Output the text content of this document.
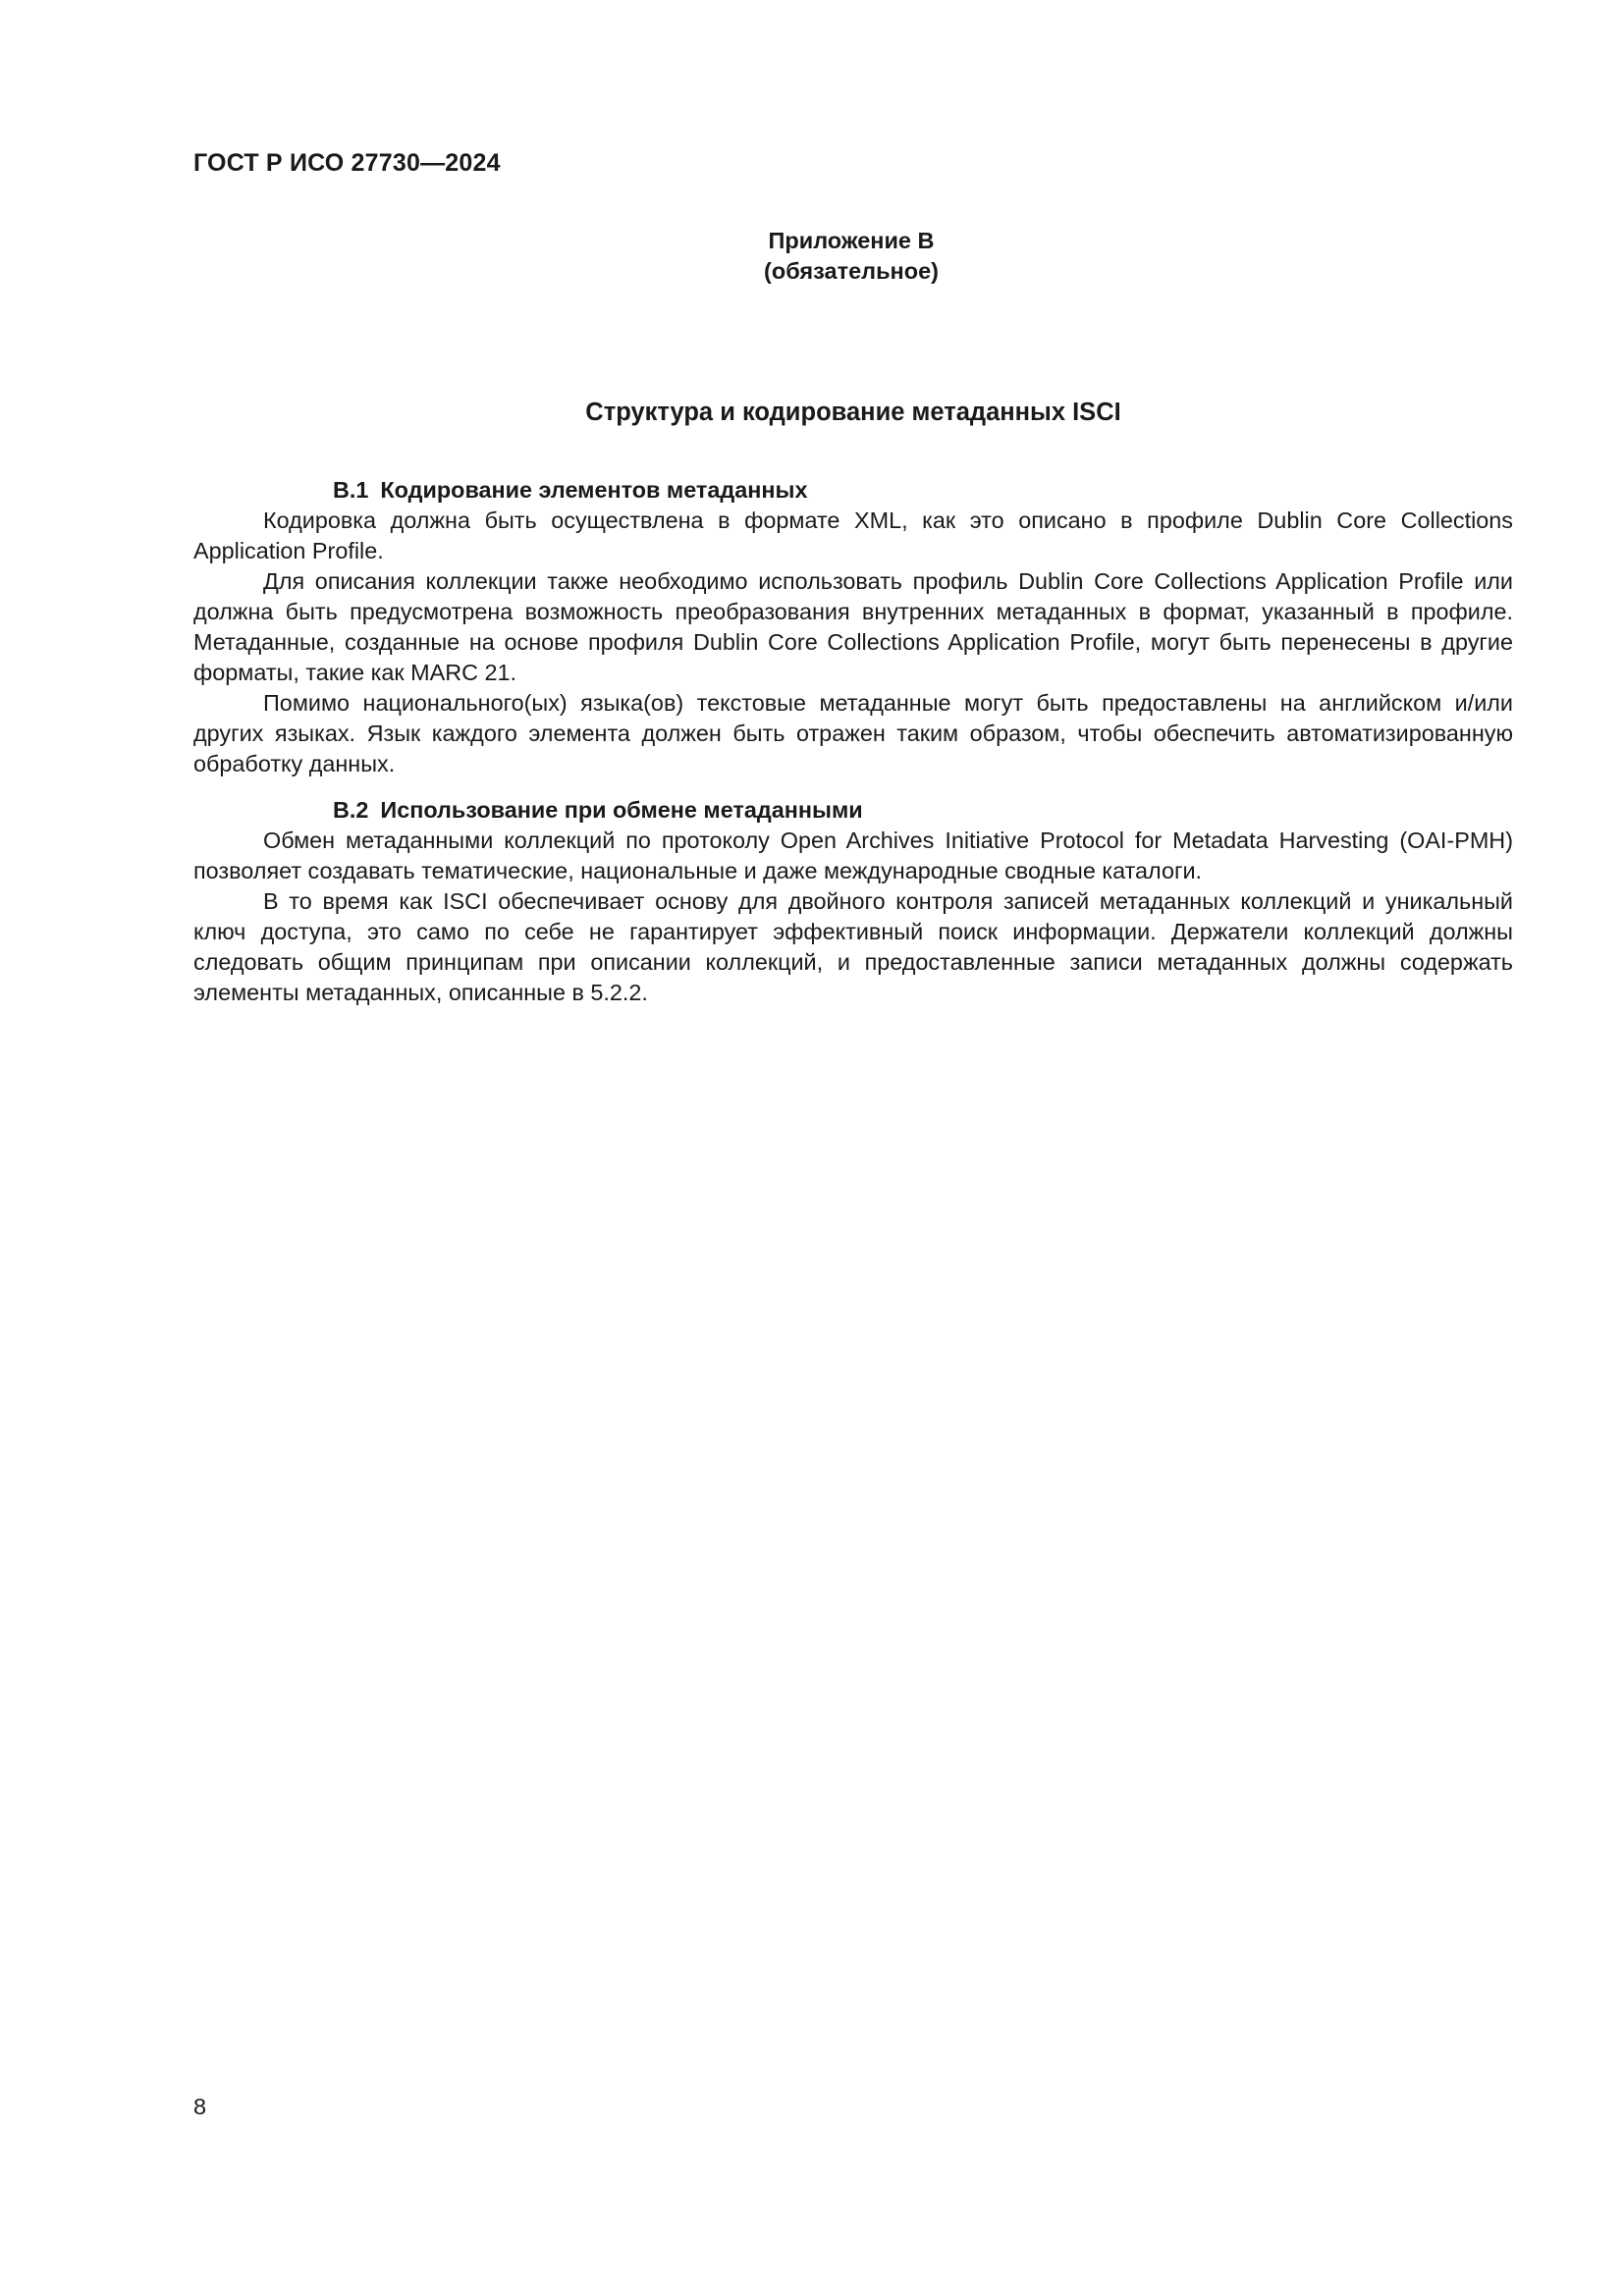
ГОСТ Р ИСО 27730—2024
Приложение В
(обязательное)
Структура и кодирование метаданных ISCI

В.1 Кодирование элементов метаданных

Кодировка должна быть осуществлена в формате XML, как это описано в профиле Dublin Core Collections Application Profile.

Для описания коллекции также необходимо использовать профиль Dublin Core Collections Application Profile или должна быть предусмотрена возможность преобразования внутренних метаданных в формат, указанный в профиле. Метаданные, созданные на основе профиля Dublin Core Collections Application Profile, могут быть перенесены в другие форматы, такие как MARC 21.

Помимо национального(ых) языка(ов) текстовые метаданные могут быть предоставлены на английском и/или других языках. Язык каждого элемента должен быть отражен таким образом, чтобы обеспечить автоматизированную обработку данных.

В.2 Использование при обмене метаданными

Обмен метаданными коллекций по протоколу Open Archives Initiative Protocol for Metadata Harvesting (OAI-PMH) позволяет создавать тематические, национальные и даже международные сводные каталоги.

В то время как ISCI обеспечивает основу для двойного контроля записей метаданных коллекций и уникальный ключ доступа, это само по себе не гарантирует эффективный поиск информации. Держатели коллекций должны следовать общим принципам при описании коллекций, и предоставленные записи метаданных должны содержать элементы метаданных, описанные в 5.2.2.

8
